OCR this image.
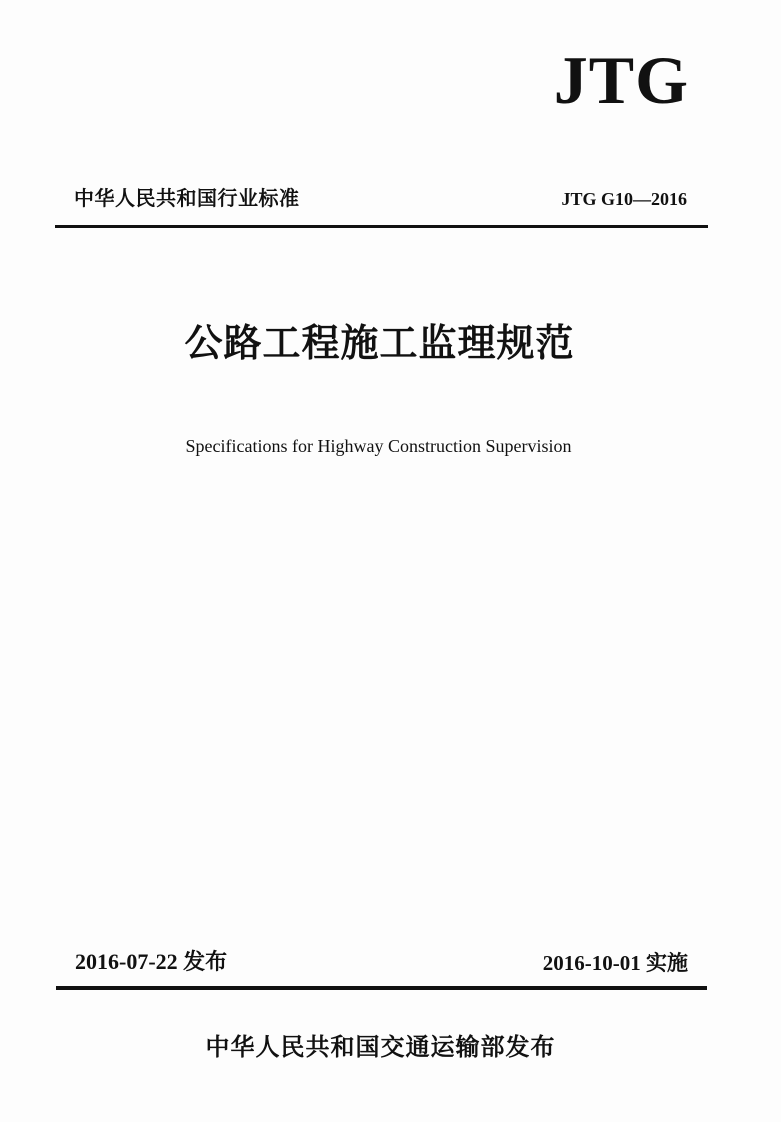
JTG
中华人民共和国行业标准	JTG G10—2016
公路工程施工监理规范
Specifications for Highway Construction Supervision
2016-07-22 发布	2016-10-01 实施
中华人民共和国交通运输部发布
